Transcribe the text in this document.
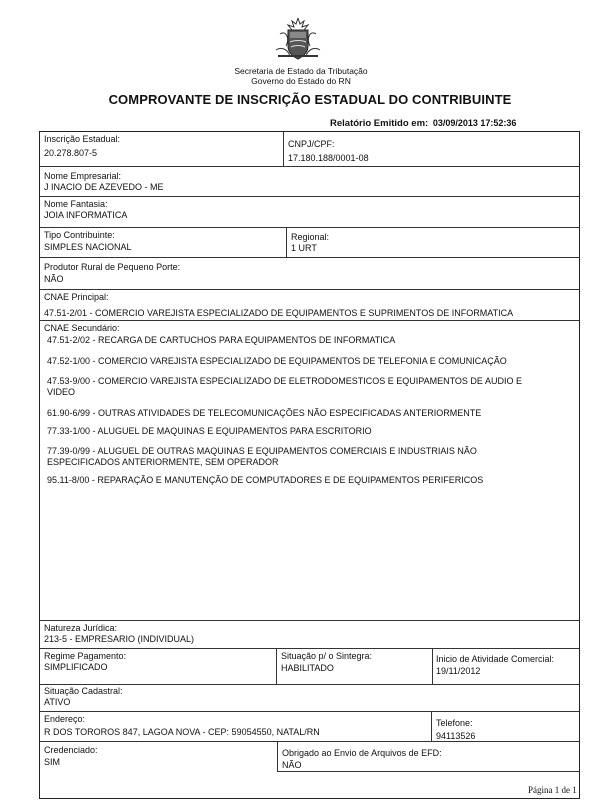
Secretaria de Estado da Tributação
Governo do Estado do RN
COMPROVANTE DE INSCRIÇÃO ESTADUAL DO CONTRIBUINTE
Relatório Emitido em: 03/09/2013 17:52:36
Inscrição Estadual:
20.278.807-5
CNPJ/CPF:
17.180.188/0001-08
Nome Empresarial:
J INACIO DE AZEVEDO - ME
Nome Fantasia:
JOIA INFORMATICA
Tipo Contribuinte:
SIMPLES NACIONAL
Regional:
1 URT
Produtor Rural de Pequeno Porte:
NÃO
CNAE Principal:
47.51-2/01 - COMERCIO VAREJISTA ESPECIALIZADO DE EQUIPAMENTOS E SUPRIMENTOS DE INFORMATICA
CNAE Secundário:
47.51-2/02 - RECARGA DE CARTUCHOS PARA EQUIPAMENTOS DE INFORMATICA
47.52-1/00 - COMERCIO VAREJISTA ESPECIALIZADO DE EQUIPAMENTOS DE TELEFONIA E COMUNICAÇÃO
47.53-9/00 - COMERCIO VAREJISTA ESPECIALIZADO DE ELETRODOMESTICOS E EQUIPAMENTOS DE AUDIO E
VIDEO
61.90-6/99 - OUTRAS ATIVIDADES DE TELECOMUNICAÇÕES NÃO ESPECIFICADAS ANTERIORMENTE
77.33-1/00 - ALUGUEL DE MAQUINAS E EQUIPAMENTOS PARA ESCRITORIO
77.39-0/99 - ALUGUEL DE OUTRAS MAQUINAS E EQUIPAMENTOS COMERCIAIS E INDUSTRIAIS NÃO
ESPECIFICADOS ANTERIORMENTE, SEM OPERADOR
95.11-8/00 - REPARAÇÃO E MANUTENÇÃO DE COMPUTADORES E DE EQUIPAMENTOS PERIFERICOS
Natureza Jurídica:
213-5 - EMPRESARIO (INDIVIDUAL)
Regime Pagamento:
SIMPLIFICADO
Situação p/ o Sintegra:
HABILITADO
Inicio de Atividade Comercial:
19/11/2012
Situação Cadastral:
ATIVO
Endereço:
R DOS TOROROS 847, LAGOA NOVA - CEP: 59054550, NATAL/RN
Telefone:
94113526
Credenciado:
SIM
Obrigado ao Envio de Arquivos de EFD:
NÃO
Página 1 de 1
